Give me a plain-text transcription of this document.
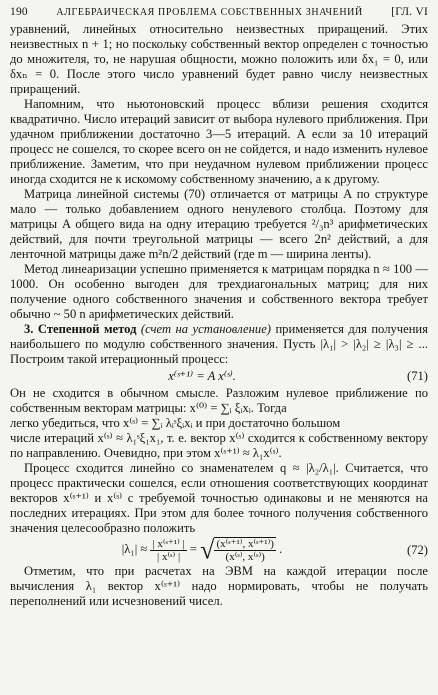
190	АЛГЕБРАИЧЕСКАЯ ПРОБЛЕМА СОБСТВЕННЫХ ЗНАЧЕНИЙ [ГЛ. VI

уравнений, линейных относительно неизвестных приращений. Этих неизвестных n + 1; но поскольку собственный вектор определен с точностью до множителя, то, не нарушая общности, можно положить или δx₁ = 0, или δxₙ = 0. После этого число уравнений будет равно числу неизвестных приращений.

Напомним, что ньютоновский процесс вблизи решения сходится квадратично. Число итераций зависит от выбора нулевого приближения. При удачном приближении достаточно 3—5 итераций. А если за 10 итераций процесс не сошелся, то скорее всего он не сойдется, и надо изменить нулевое приближение. Заметим, что при неудачном нулевом приближении процесс иногда сходится не к искомому собственному значению, а к другому.

Матрица линейной системы (70) отличается от матрицы A по структуре мало — только добавлением одного ненулевого столбца. Поэтому для матрицы A общего вида на одну итерацию требуется ²/₃n³ арифметических действий, для почти треугольной матрицы — всего 2n² действий, а для ленточной матрицы даже m²n/2 действий (где m — ширина ленты).

Метод линеаризации успешно применяется к матрицам порядка n ≈ 100 — 1000. Он особенно выгоден для трехдиагональных матриц; для них получение одного собственного значения и собственного вектора требует обычно ~ 50 n арифметических действий.

3. Степенной метод (счет на установление) применяется для получения наибольшего по модулю собственного значения. Пусть |λ₁| > |λ₂| ≥ |λ₃| ≥ ... Построим такой итерационный процесс:

x⁽ˢ⁺¹⁾ = A x⁽ˢ⁾.	(71)

Он не сходится в обычном смысле. Разложим нулевое приближение по собственным векторам матрицы: x⁽⁰⁾ = ∑ᵢ ξᵢxᵢ. Тогда

легко убедиться, что x⁽ˢ⁾ = ∑ᵢ λᵢˢξᵢxᵢ и при достаточно большом

числе итераций x⁽ˢ⁾ ≈ λ₁ˢξ₁x₁, т. е. вектор x⁽ˢ⁾ сходится к собственному вектору по направлению. Очевидно, при этом x⁽ˢ⁺¹⁾ ≈ λ₁x⁽ˢ⁾.

Процесс сходится линейно со знаменателем q ≈ |λ₂/λ₁|. Считается, что процесс практически сошелся, если отношения соответствующих координат векторов x⁽ˢ⁺¹⁾ и x⁽ˢ⁾ с требуемой точностью одинаковы и не меняются на последних итерациях. При этом для более точного получения собственного значения целесообразно положить

$|\lambda_1| \approx \frac{\text{| x⁽ˢ⁺¹⁾ |}}{\text{| x⁽ˢ⁾ |}}$ = √ $\frac{\text{(x⁽ˢ⁺¹⁾, x⁽ˢ⁺¹⁾)}}{\text{(x⁽ˢ⁾, x⁽ˢ⁾)}}$ .	(72)

Отметим, что при расчетах на ЭВМ на каждой итерации после вычисления λ₁ вектор x⁽ˢ⁺¹⁾ надо нормировать, чтобы не получать переполнений или исчезновений чисел.
